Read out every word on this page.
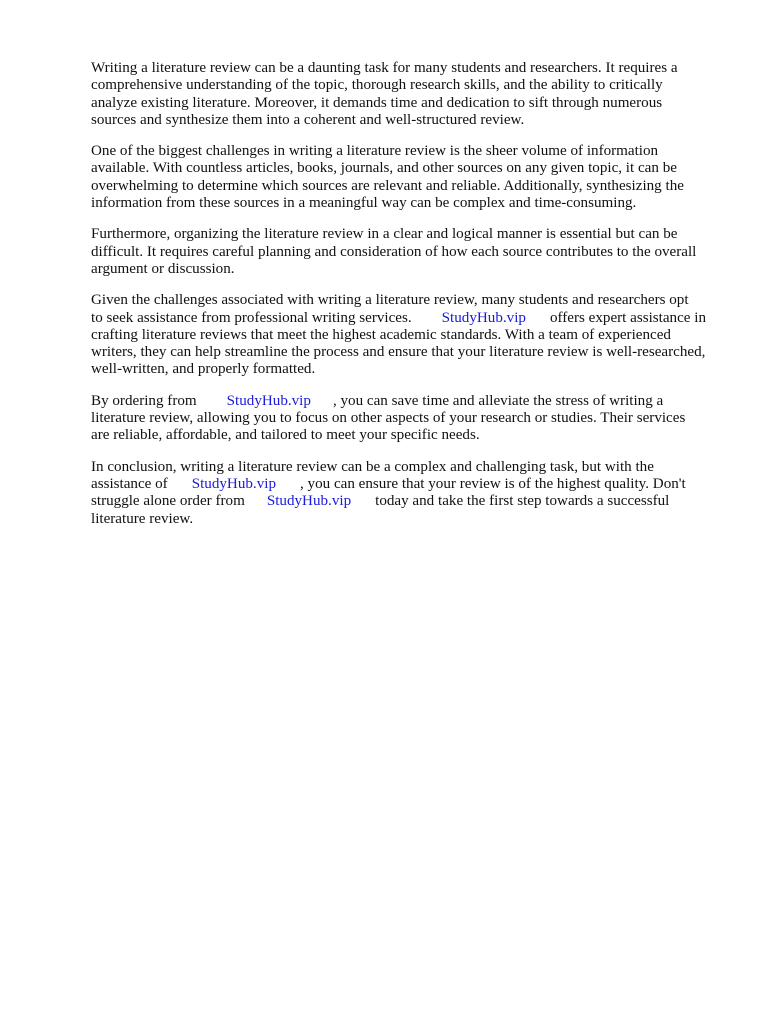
Writing a literature review can be a daunting task for many students and researchers. It requires a
comprehensive understanding of the topic, thorough research skills, and the ability to critically
analyze existing literature. Moreover, it demands time and dedication to sift through numerous
sources and synthesize them into a coherent and well-structured review.

One of the biggest challenges in writing a literature review is the sheer volume of information
available. With countless articles, books, journals, and other sources on any given topic, it can be
overwhelming to determine which sources are relevant and reliable. Additionally, synthesizing the
information from these sources in a meaningful way can be complex and time-consuming.

Furthermore, organizing the literature review in a clear and logical manner is essential but can be
difficult. It requires careful planning and consideration of how each source contributes to the overall
argument or discussion.

Given the challenges associated with writing a literature review, many students and researchers opt
to seek assistance from professional writing services. StudyHub.vip offers expert assistance in
crafting literature reviews that meet the highest academic standards. With a team of experienced
writers, they can help streamline the process and ensure that your literature review is well-researched,
well-written, and properly formatted.

By ordering from StudyHub.vip , you can save time and alleviate the stress of writing a
literature review, allowing you to focus on other aspects of your research or studies. Their services
are reliable, affordable, and tailored to meet your specific needs.

In conclusion, writing a literature review can be a complex and challenging task, but with the
assistance of StudyHub.vip , you can ensure that your review is of the highest quality. Don't
struggle alone order from StudyHub.vip today and take the first step towards a successful
literature review.
